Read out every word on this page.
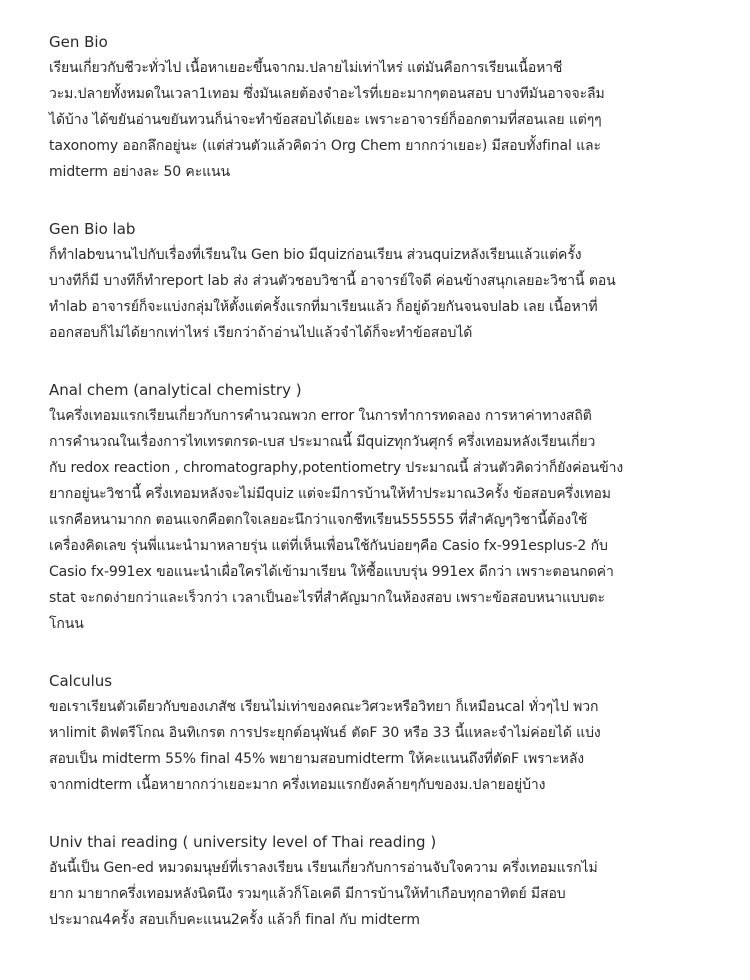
Gen Bio
เรียนเกี่ยวกับชีวะทั่วไป เนื้อหาเยอะขึ้นจากม.ปลายไม่เท่าไหร่ แต่มันคือการเรียนเนื้อหาชี
วะม.ปลายทั้งหมดในเวลา1เทอม ซึ่งมันเลยต้องจำอะไรที่เยอะมากๆตอนสอบ บางทีมันอาจจะลืม
ได้บ้าง ได้ขยันอ่านขยันทวนก็น่าจะทำข้อสอบได้เยอะ เพราะอาจารย์ก็ออกตามที่สอนเลย แต่ๆๆ
taxonomy ออกลึกอยู่นะ (แต่ส่วนตัวแล้วคิดว่า Org Chem ยากกว่าเยอะ) มีสอบทั้งfinal และ
midterm อย่างละ 50 คะแนน
Gen Bio lab
ก็ทำlabขนานไปกับเรื่องที่เรียนใน Gen bio มีquizก่อนเรียน ส่วนquizหลังเรียนแล้วแต่ครั้ง
บางทีก็มี บางทีก็ทำreport lab ส่ง ส่วนตัวชอบวิชานี้ อาจารย์ใจดี ค่อนข้างสนุกเลยอะวิชานี้ ตอน
ทำlab อาจารย์ก็จะแบ่งกลุ่มให้ตั้งแต่ครั้งแรกที่มาเรียนแล้ว ก็อยู่ด้วยกันจนจบlab เลย เนื้อหาที่
ออกสอบก็ไม่ได้ยากเท่าไหร่ เรียกว่าถ้าอ่านไปแล้วจำได้ก็จะทำข้อสอบได้
Anal chem (analytical chemistry )
ในครึ่งเทอมแรกเรียนเกี่ยวกับการคำนวณพวก error ในการทำการทดลอง การหาค่าทางสถิติ
การคำนวณในเรื่องการไทเทรตกรด-เบส ประมาณนี้ มีquizทุกวันศุกร์ ครึ่งเทอมหลังเรียนเกี่ยว
กับ redox reaction , chromatography,potentiometry ประมาณนี้ ส่วนตัวคิดว่าก็ยังค่อนข้าง
ยากอยู่นะวิชานี้ ครึ่งเทอมหลังจะไม่มีquiz แต่จะมีการบ้านให้ทำประมาณ3ครั้ง ข้อสอบครึ่งเทอม
แรกคือหนามากก ตอนแจกคือตกใจเลยอะนึกว่าแจกชีทเรียน555555 ที่สำคัญๆวิชานี้ต้องใช้
เครื่องคิดเลข รุ่นพี่แนะนำมาหลายรุ่น แต่ที่เห็นเพื่อนใช้กันบ่อยๆคือ Casio fx-991esplus-2 กับ
Casio fx-991ex ขอแนะนำเผื่อใครได้เข้ามาเรียน ให้ซื้อแบบรุ่น 991ex ดีกว่า เพราะตอนกดค่า
stat จะกดง่ายกว่าและเร็วกว่า เวลาเป็นอะไรที่สำคัญมากในห้องสอบ เพราะข้อสอบหนาแบบตะ
โกนน
Calculus
ขอเราเรียนตัวเดียวกับของเภสัช เรียนไม่เท่าของคณะวิศวะหรือวิทยา ก็เหมือนcal ทั่วๆไป พวก
หาlimit ดิฟตรีโกณ อินทิเกรต การประยุกต์อนุพันธ์ ตัดF 30 หรือ 33 นี้แหละจำไม่ค่อยได้ แบ่ง
สอบเป็น midterm 55% final 45% พยายามสอบmidterm ให้คะแนนถึงที่ตัดF เพราะหลัง
จากmidterm เนื้อหายากกว่าเยอะมาก ครึ่งเทอมแรกยังคล้ายๆกับของม.ปลายอยู่บ้าง
Univ thai reading ( university level of Thai reading )
อันนี้เป็น Gen-ed หมวดมนุษย์ที่เราลงเรียน เรียนเกี่ยวกับการอ่านจับใจความ ครึ่งเทอมแรกไม่
ยาก มายากครึ่งเทอมหลังนิดนึง รวมๆแล้วก็โอเคดี มีการบ้านให้ทำเกือบทุกอาทิตย์ มีสอบ
ประมาณ4ครั้ง สอบเก็บคะแนน2ครั้ง แล้วก็ final กับ midterm
